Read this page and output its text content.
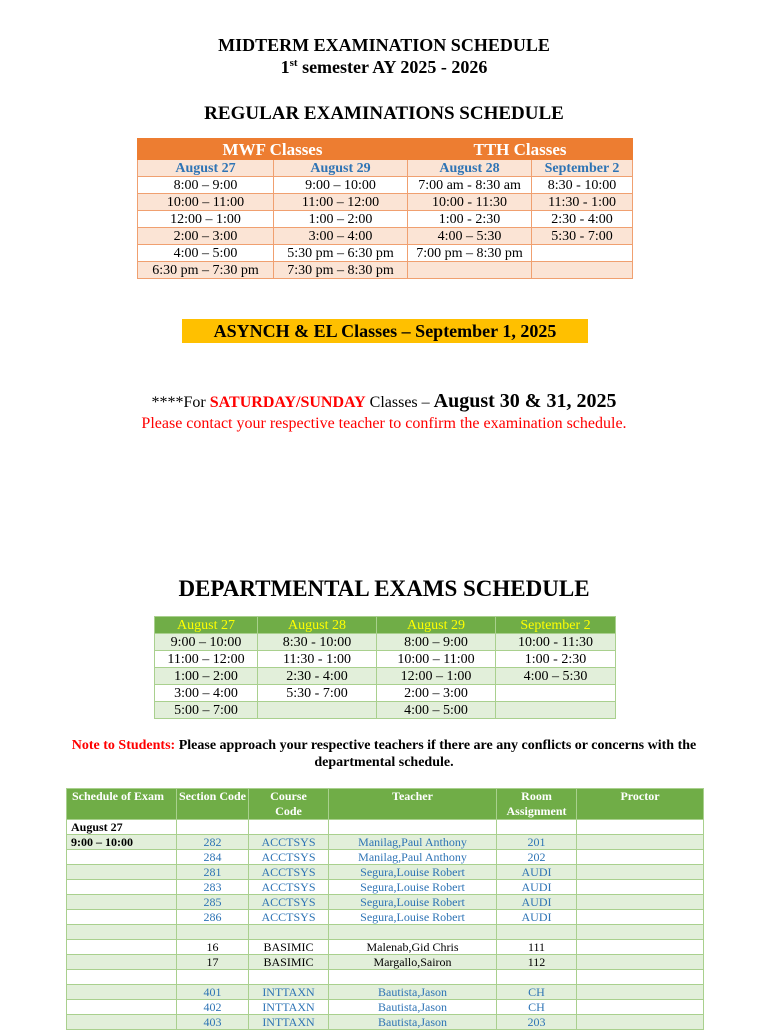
MIDTERM EXAMINATION SCHEDULE
1st semester AY 2025 - 2026
REGULAR EXAMINATIONS SCHEDULE
MWF Classes		TTH Classes	
August 27	August 29	August 28	September 2
8:00 – 9:00	9:00 – 10:00	7:00 am - 8:30 am	8:30 - 10:00
10:00 – 11:00	11:00 – 12:00	10:00 - 11:30	11:30 - 1:00
12:00 – 1:00	1:00 – 2:00	1:00 - 2:30	2:30 - 4:00
2:00 – 3:00	3:00 – 4:00	4:00 – 5:30	5:30 - 7:00
4:00 – 5:00	5:30 pm – 6:30 pm	7:00 pm – 8:30 pm	
6:30 pm – 7:30 pm	7:30 pm – 8:30 pm		
ASYNCH & EL Classes – September 1, 2025
****For SATURDAY/SUNDAY Classes – August 30 & 31, 2025
Please contact your respective teacher to confirm the examination schedule.
DEPARTMENTAL EXAMS SCHEDULE
August 27	August 28	August 29	September 2
9:00 – 10:00	8:30 - 10:00	8:00 – 9:00	10:00 - 11:30
11:00 – 12:00	11:30 - 1:00	10:00 – 11:00	1:00 - 2:30
1:00 – 2:00	2:30 - 4:00	12:00 – 1:00	4:00 – 5:30
3:00 – 4:00	5:30 - 7:00	2:00 – 3:00	
5:00 – 7:00		4:00 – 5:00	
Note to Students: Please approach your respective teachers if there are any conflicts or concerns with the departmental schedule.
Schedule of Exam	Section Code	Course Code	Teacher	Room Assignment	Proctor
August 27					
9:00 – 10:00	282	ACCTSYS	Manilag,Paul Anthony	201	
	284	ACCTSYS	Manilag,Paul Anthony	202	
	281	ACCTSYS	Segura,Louise Robert	AUDI	
	283	ACCTSYS	Segura,Louise Robert	AUDI	
	285	ACCTSYS	Segura,Louise Robert	AUDI	
	286	ACCTSYS	Segura,Louise Robert	AUDI	

	16	BASIMIC	Malenab,Gid Chris	111	
	17	BASIMIC	Margallo,Sairon	112	

	401	INTTAXN	Bautista,Jason	CH	
	402	INTTAXN	Bautista,Jason	CH	
	403	INTTAXN	Bautista,Jason	203	
